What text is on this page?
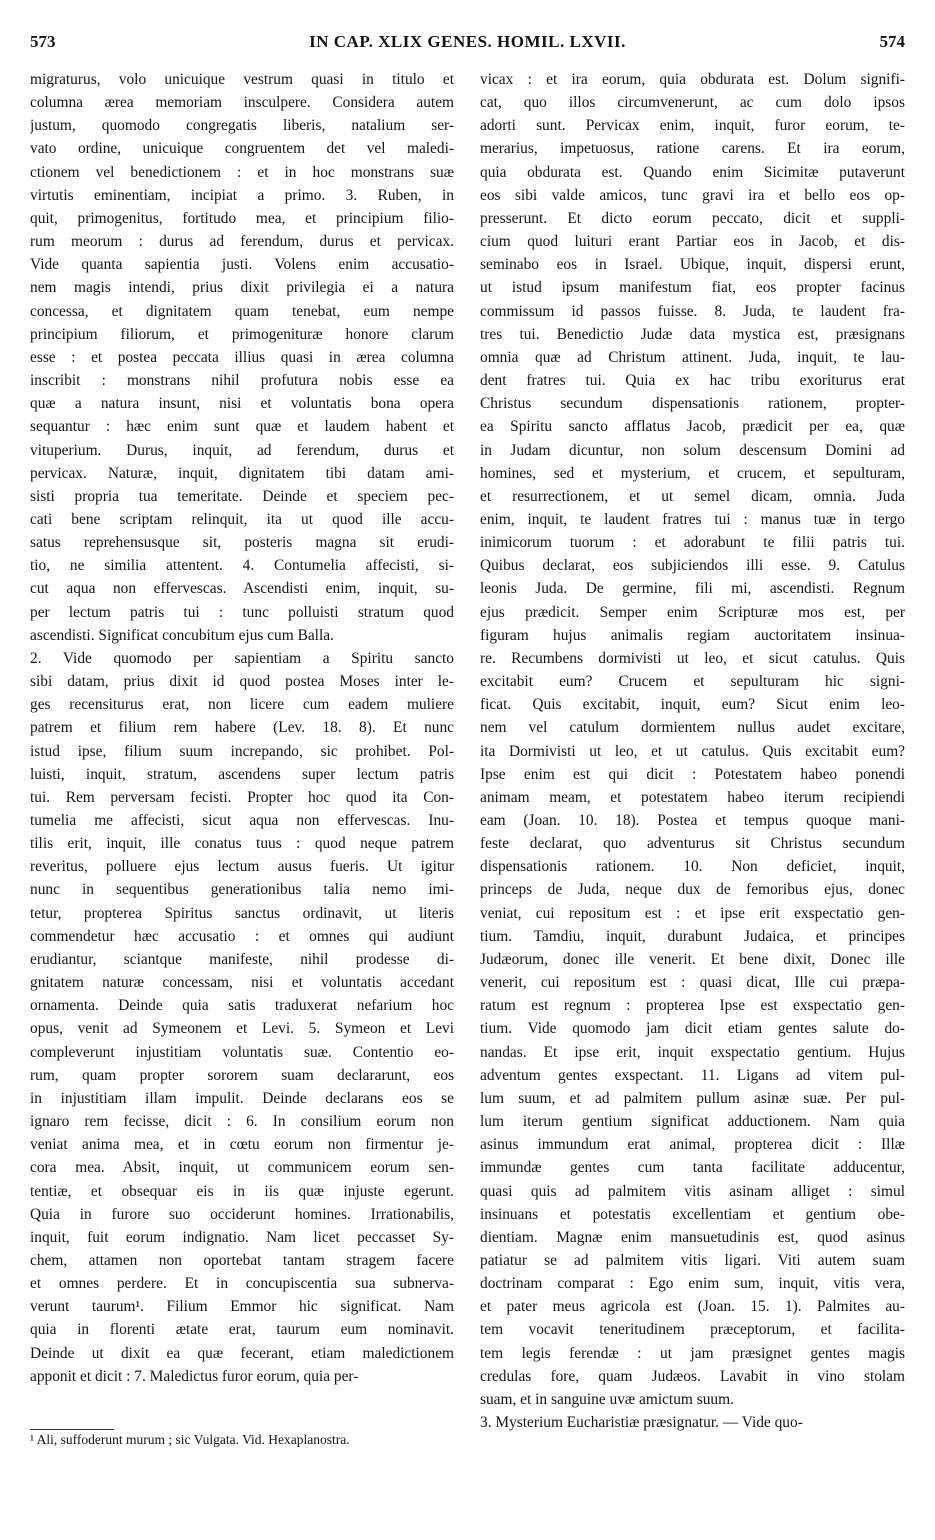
573	IN CAP. XLIX GENES. HOMIL. LXVII.	574
migraturus, volo unicuique vestrum quasi in titulo et
columna ærea memoriam insculpere. Considera autem
justum, quomodo congregatis liberis, natalium ser-
vato ordine, unicuique congruentem det vel maledi-
ctionem vel benedictionem : et in hoc monstrans suæ
virtutis eminentiam, incipiat a primo. 3. Ruben, in
quit, primogenitus, fortitudo mea, et principium filio-
rum meorum : durus ad ferendum, durus et pervicax.
Vide quanta sapientia justi. Volens enim accusatio-
nem magis intendi, prius dixit privilegia ei a natura
concessa, et dignitatem quam tenebat, eum nempe
principium filiorum, et primogenituræ honore clarum
esse : et postea peccata illius quasi in ærea columna
inscribit : monstrans nihil profutura nobis esse ea
quæ a natura insunt, nisi et voluntatis bona opera
sequantur : hæc enim sunt quæ et laudem habent et
vituperium. Durus, inquit, ad ferendum, durus et
pervicax. Naturæ, inquit, dignitatem tibi datam ami-
sisti propria tua temeritate. Deinde et speciem pec-
cati bene scriptam relinquit, ita ut quod ille accu-
satus reprehensusque sit, posteris magna sit erudi-
tio, ne similia attentent. 4. Contumelia affecisti, si-
cut aqua non effervescas. Ascendisti enim, inquit, su-
per lectum patris tui : tunc polluisti stratum quod
ascendisti. Significat concubitum ejus cum Balla.
2. Vide quomodo per sapientiam a Spiritu sancto
sibi datam, prius dixit id quod postea Moses inter le-
ges recensiturus erat, non licere cum eadem muliere
patrem et filium rem habere (Lev. 18. 8). Et nunc
istud ipse, filium suum increpando, sic prohibet. Pol-
luisti, inquit, stratum, ascendens super lectum patris
tui. Rem perversam fecisti. Propter hoc quod ita Con-
tumelia me affecisti, sicut aqua non effervescas. Inu-
tilis erit, inquit, ille conatus tuus : quod neque patrem
reveritus, polluere ejus lectum ausus fueris. Ut igitur
nunc in sequentibus generationibus talia nemo imi-
tetur, propterea Spiritus sanctus ordinavit, ut literis
commendetur hæc accusatio : et omnes qui audiunt
erudiantur, sciantque manifeste, nihil prodesse di-
gnitatem naturæ concessam, nisi et voluntatis accedant
ornamenta. Deinde quia satis traduxerat nefarium hoc
opus, venit ad Symeonem et Levi. 5. Symeon et Levi
compleverunt injustitiam voluntatis suæ. Contentio eo-
rum, quam propter sororem suam declararunt, eos
in injustitiam illam impulit. Deinde declarans eos se
ignaro rem fecisse, dicit : 6. In consilium eorum non
veniat anima mea, et in cœtu eorum non firmentur je-
cora mea. Absit, inquit, ut communicem eorum sen-
tentiæ, et obsequar eis in iis quæ injuste egerunt.
Quia in furore suo occiderunt homines. Irrationabilis,
inquit, fuit eorum indignatio. Nam licet peccasset Sy-
chem, attamen non oportebat tantam stragem facere
et omnes perdere. Et in concupiscentia sua subnerva-
verunt taurum¹. Filium Emmor hic significat. Nam
quia in florenti ætate erat, taurum eum nominavit.
Deinde ut dixit ea quæ fecerant, etiam maledictionem
apponit et dicit : 7. Maledictus furor eorum, quia per-
vicax : et ira eorum, quia obdurata est. Dolum signifi-
cat, quo illos circumvenerunt, ac cum dolo ipsos
adorti sunt. Pervicax enim, inquit, furor eorum, te-
merarius, impetuosus, ratione carens. Et ira eorum,
quia obdurata est. Quando enim Sicimitæ putaverunt
eos sibi valde amicos, tunc gravi ira et bello eos op-
presserunt. Et dicto eorum peccato, dicit et suppli-
cium quod luituri erant Partiar eos in Jacob, et dis-
seminabo eos in Israel. Ubique, inquit, dispersi erunt,
ut istud ipsum manifestum fiat, eos propter facinus
commissum id passos fuisse. 8. Juda, te laudent fra-
tres tui. Benedictio Judæ data mystica est, præsignans
omnia quæ ad Christum attinent. Juda, inquit, te lau-
dent fratres tui. Quia ex hac tribu exoriturus erat
Christus secundum dispensationis rationem, propter-
ea Spiritu sancto afflatus Jacob, prædicit per ea, quæ
in Judam dicuntur, non solum descensum Domini ad
homines, sed et mysterium, et crucem, et sepulturam,
et resurrectionem, et ut semel dicam, omnia. Juda
enim, inquit, te laudent fratres tui : manus tuæ in tergo
inimicorum tuorum : et adorabunt te filii patris tui.
Quibus declarat, eos subjiciendos illi esse. 9. Catulus
leonis Juda. De germine, fili mi, ascendisti. Regnum
ejus prædicit. Semper enim Scripturæ mos est, per
figuram hujus animalis regiam auctoritatem insinua-
re. Recumbens dormivisti ut leo, et sicut catulus. Quis
excitabit eum? Crucem et sepulturam hic signi-
ficat. Quis excitabit, inquit, eum? Sicut enim leo-
nem vel catulum dormientem nullus audet excitare,
ita Dormivisti ut leo, et ut catulus. Quis excitabit eum?
Ipse enim est qui dicit : Potestatem habeo ponendi
animam meam, et potestatem habeo iterum recipiendi
eam (Joan. 10. 18). Postea et tempus quoque mani-
feste declarat, quo adventurus sit Christus secundum
dispensationis rationem. 10. Non deficiet, inquit,
princeps de Juda, neque dux de femoribus ejus, donec
veniat, cui repositum est : et ipse erit exspectatio gen-
tium. Tamdiu, inquit, durabunt Judaica, et principes
Judæorum, donec ille venerit. Et bene dixit, Donec ille
venerit, cui repositum est : quasi dicat, Ille cui præpa-
ratum est regnum : propterea Ipse est exspectatio gen-
tium. Vide quomodo jam dicit etiam gentes salute do-
nandas. Et ipse erit, inquit exspectatio gentium. Hujus
adventum gentes exspectant. 11. Ligans ad vitem pul-
lum suum, et ad palmitem pullum asinæ suæ. Per pul-
lum iterum gentium significat adductionem. Nam quia
asinus immundum erat animal, propterea dicit : Illæ
immundæ gentes cum tanta facilitate adducentur,
quasi quis ad palmitem vitis asinam alliget : simul
insinuans et potestatis excellentiam et gentium obe-
dientiam. Magnæ enim mansuetudinis est, quod asinus
patiatur se ad palmitem vitis ligari. Viti autem suam
doctrinam comparat : Ego enim sum, inquit, vitis vera,
et pater meus agricola est (Joan. 15. 1). Palmites au-
tem vocavit teneritudinem præceptorum, et facilita-
tem legis ferendæ : ut jam præsignet gentes magis
credulas fore, quam Judæos. Lavabit in vino stolam
suam, et in sanguine uvæ amictum suum.
3. Mysterium Eucharistiæ præsignatur. — Vide quo-
¹ Ali, suffoderunt murum ; sic Vulgata. Vid. Hexaplanostra.
